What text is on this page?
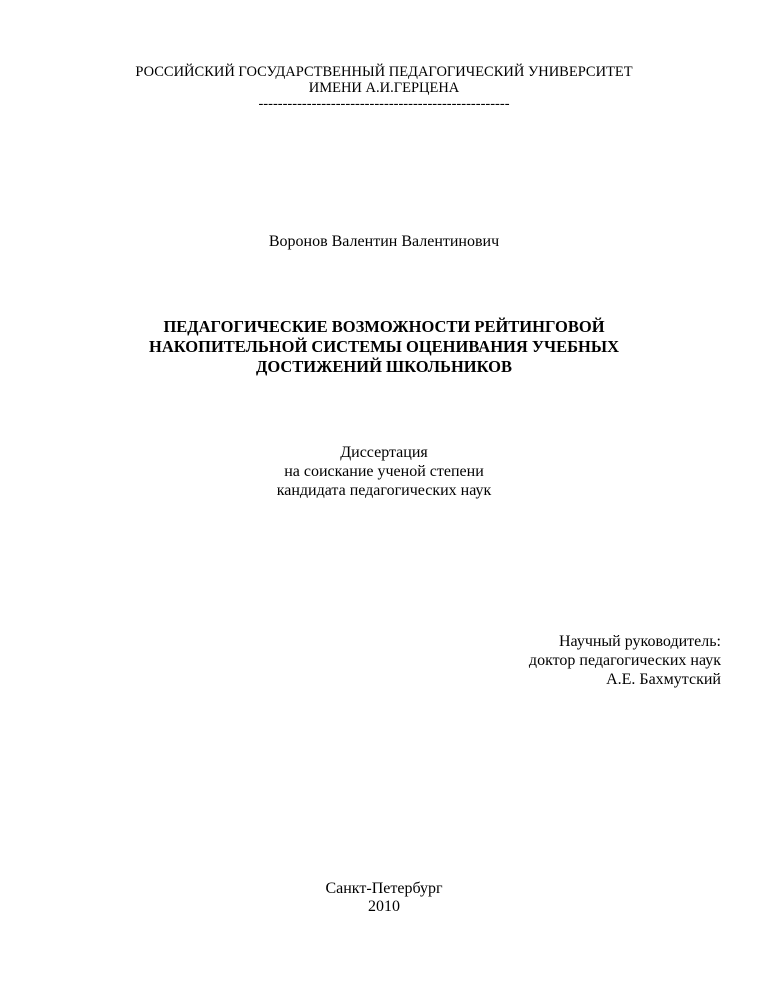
РОССИЙСКИЙ ГОСУДАРСТВЕННЫЙ ПЕДАГОГИЧЕСКИЙ УНИВЕРСИТЕТ
ИМЕНИ А.И.ГЕРЦЕНА
----------------------------------------------------
Воронов Валентин Валентинович
ПЕДАГОГИЧЕСКИЕ ВОЗМОЖНОСТИ РЕЙТИНГОВОЙ
НАКОПИТЕЛЬНОЙ СИСТЕМЫ ОЦЕНИВАНИЯ УЧЕБНЫХ
ДОСТИЖЕНИЙ ШКОЛЬНИКОВ
Диссертация
на соискание ученой степени
кандидата педагогических наук
Научный руководитель:
доктор педагогических наук
А.Е. Бахмутский
Санкт-Петербург
2010
